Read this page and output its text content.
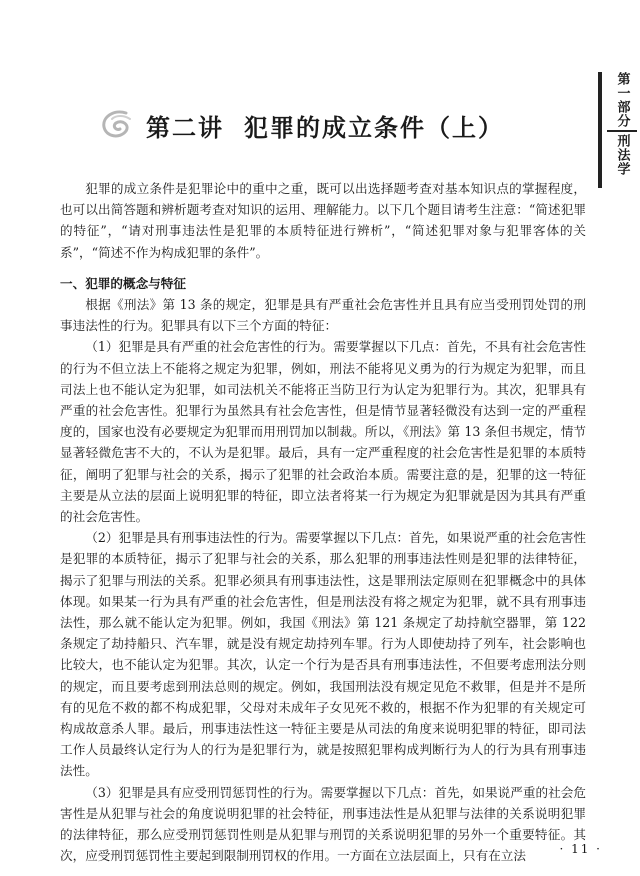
第一部分
刑法学
第二讲 犯罪的成立条件（上）

犯罪的成立条件是犯罪论中的重中之重，既可以出选择题考查对基本知识点的掌握程度，也可以出简答题和辨析题考查对知识的运用、理解能力。以下几个题目请考生注意：“简述犯罪的特征”，“请对刑事违法性是犯罪的本质特征进行辨析”，“简述犯罪对象与犯罪客体的关系”，“简述不作为构成犯罪的条件”。

一、犯罪的概念与特征

根据《刑法》第 13 条的规定，犯罪是具有严重社会危害性并且具有应当受刑罚处罚的刑事违法性的行为。犯罪具有以下三个方面的特征：

（1）犯罪是具有严重的社会危害性的行为。需要掌握以下几点：首先，不具有社会危害性的行为不但立法上不能将之规定为犯罪，例如，刑法不能将见义勇为的行为规定为犯罪，而且司法上也不能认定为犯罪，如司法机关不能将正当防卫行为认定为犯罪行为。其次，犯罪具有严重的社会危害性。犯罪行为虽然具有社会危害性，但是情节显著轻微没有达到一定的严重程度的，国家也没有必要规定为犯罪而用刑罚加以制裁。所以，《刑法》第 13 条但书规定，情节显著轻微危害不大的，不认为是犯罪。最后，具有一定严重程度的社会危害性是犯罪的本质特征，阐明了犯罪与社会的关系，揭示了犯罪的社会政治本质。需要注意的是，犯罪的这一特征主要是从立法的层面上说明犯罪的特征，即立法者将某一行为规定为犯罪就是因为其具有严重的社会危害性。

（2）犯罪是具有刑事违法性的行为。需要掌握以下几点：首先，如果说严重的社会危害性是犯罪的本质特征，揭示了犯罪与社会的关系，那么犯罪的刑事违法性则是犯罪的法律特征，揭示了犯罪与刑法的关系。犯罪必须具有刑事违法性，这是罪刑法定原则在犯罪概念中的具体体现。如果某一行为具有严重的社会危害性，但是刑法没有将之规定为犯罪，就不具有刑事违法性，那么就不能认定为犯罪。例如，我国《刑法》第 121 条规定了劫持航空器罪，第 122 条规定了劫持船只、汽车罪，就是没有规定劫持列车罪。行为人即使劫持了列车，社会影响也比较大，也不能认定为犯罪。其次，认定一个行为是否具有刑事违法性，不但要考虑刑法分则的规定，而且要考虑到刑法总则的规定。例如，我国刑法没有规定见危不救罪，但是并不是所有的见危不救的都不构成犯罪，父母对未成年子女见死不救的，根据不作为犯罪的有关规定可构成故意杀人罪。最后，刑事违法性这一特征主要是从司法的角度来说明犯罪的特征，即司法工作人员最终认定行为人的行为是犯罪行为，就是按照犯罪构成判断行为人的行为具有刑事违法性。

（3）犯罪是具有应受刑罚惩罚性的行为。需要掌握以下几点：首先，如果说严重的社会危害性是从犯罪与社会的角度说明犯罪的社会特征，刑事违法性是从犯罪与法律的关系说明犯罪的法律特征，那么应受刑罚惩罚性则是从犯罪与刑罚的关系说明犯罪的另外一个重要特征。其次，应受刑罚惩罚性主要起到限制刑罚权的作用。一方面在立法层面上，只有在立法	· 11 ·
